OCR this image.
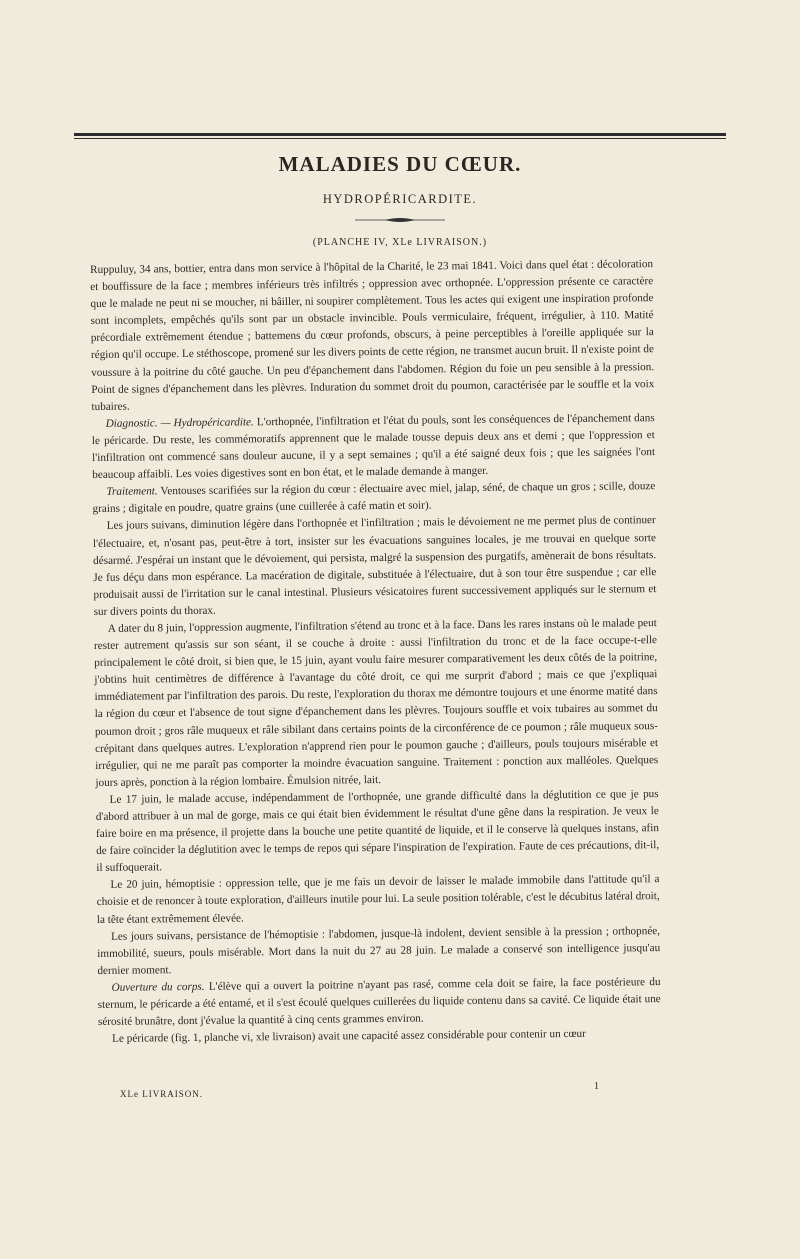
MALADIES DU CŒUR.
HYDROPÉRICARDITE.
(PLANCHE IV, XLe LIVRAISON.)

Ruppuluy, 34 ans, bottier, entra dans mon service à l'hôpital de la Charité, le 23 mai 1841. Voici dans quel état : décoloration et bouffissure de la face ; membres inférieurs très infiltrés ; oppression avec orthopnée. L'oppression présente ce caractère que le malade ne peut ni se moucher, ni bâiller, ni soupirer complètement. Tous les actes qui exigent une inspiration profonde sont incomplets, empêchés qu'ils sont par un obstacle invincible. Pouls vermiculaire, fréquent, irrégulier, à 110. Matité précordiale extrêmement étendue ; battemens du cœur profonds, obscurs, à peine perceptibles à l'oreille appliquée sur la région qu'il occupe. Le stéthoscope, promené sur les divers points de cette région, ne transmet aucun bruit. Il n'existe point de voussure à la poitrine du côté gauche. Un peu d'épanchement dans l'abdomen. Région du foie un peu sensible à la pression. Point de signes d'épanchement dans les plèvres. Induration du sommet droit du poumon, caractérisée par le souffle et la voix tubaires.

Diagnostic. — Hydropéricardite. L'orthopnée, l'infiltration et l'état du pouls, sont les conséquences de l'épanchement dans le péricarde. Du reste, les commémoratifs apprennent que le malade tousse depuis deux ans et demi ; que l'oppression et l'infiltration ont commencé sans douleur aucune, il y a sept semaines ; qu'il a été saigné deux fois ; que les saignées l'ont beaucoup affaibli. Les voies digestives sont en bon état, et le malade demande à manger.

Traitement. Ventouses scarifiées sur la région du cœur : électuaire avec miel, jalap, séné, de chaque un gros ; scille, douze grains ; digitale en poudre, quatre grains (une cuillerée à café matin et soir).

Les jours suivans, diminution légère dans l'orthopnée et l'infiltration ; mais le dévoiement ne me permet plus de continuer l'électuaire, et, n'osant pas, peut-être à tort, insister sur les évacuations sanguines locales, je me trouvai en quelque sorte désarmé. J'espérai un instant que le dévoiement, qui persista, malgré la suspension des purgatifs, amènerait de bons résultats. Je fus déçu dans mon espérance. La macération de digitale, substituée à l'électuaire, dut à son tour être suspendue ; car elle produisait aussi de l'irritation sur le canal intestinal. Plusieurs vésicatoires furent successivement appliqués sur le sternum et sur divers points du thorax.

A dater du 8 juin, l'oppression augmente, l'infiltration s'étend au tronc et à la face. Dans les rares instans où le malade peut rester autrement qu'assis sur son séant, il se couche à droite : aussi l'infiltration du tronc et de la face occupe-t-elle principalement le côté droit, si bien que, le 15 juin, ayant voulu faire mesurer comparativement les deux côtés de la poitrine, j'obtins huit centimètres de différence à l'avantage du côté droit, ce qui me surprit d'abord ; mais ce que j'expliquai immédiatement par l'infiltration des parois. Du reste, l'exploration du thorax me démontre toujours et une énorme matité dans la région du cœur et l'absence de tout signe d'épanchement dans les plèvres. Toujours souffle et voix tubaires au sommet du poumon droit ; gros râle muqueux et râle sibilant dans certains points de la circonférence de ce poumon ; râle muqueux sous-crépitant dans quelques autres. L'exploration n'apprend rien pour le poumon gauche ; d'ailleurs, pouls toujours misérable et irrégulier, qui ne me paraît pas comporter la moindre évacuation sanguine. Traitement : ponction aux malléoles. Quelques jours après, ponction à la région lombaire. Émulsion nitrée, lait.

Le 17 juin, le malade accuse, indépendamment de l'orthopnée, une grande difficulté dans la déglutition ce que je pus d'abord attribuer à un mal de gorge, mais ce qui était bien évidemment le résultat d'une gêne dans la respiration. Je veux le faire boire en ma présence, il projette dans la bouche une petite quantité de liquide, et il le conserve là quelques instans, afin de faire coïncider la déglutition avec le temps de repos qui sépare l'inspiration de l'expiration. Faute de ces précautions, dit-il, il suffoquerait.

Le 20 juin, hémoptisie : oppression telle, que je me fais un devoir de laisser le malade immobile dans l'attitude qu'il a choisie et de renoncer à toute exploration, d'ailleurs inutile pour lui. La seule position tolérable, c'est le décubitus latéral droit, la tête étant extrêmement élevée.

Les jours suivans, persistance de l'hémoptisie : l'abdomen, jusque-là indolent, devient sensible à la pression ; orthopnée, immobilité, sueurs, pouls misérable. Mort dans la nuit du 27 au 28 juin. Le malade a conservé son intelligence jusqu'au dernier moment.

Ouverture du corps. L'élève qui a ouvert la poitrine n'ayant pas rasé, comme cela doit se faire, la face postérieure du sternum, le péricarde a été entamé, et il s'est écoulé quelques cuillerées du liquide contenu dans sa cavité. Ce liquide était une sérosité brunâtre, dont j'évalue la quantité à cinq cents grammes environ.

Le péricarde (fig. 1, planche vi, xle livraison) avait une capacité assez considérable pour contenir un cœur

1
XLe LIVRAISON.
